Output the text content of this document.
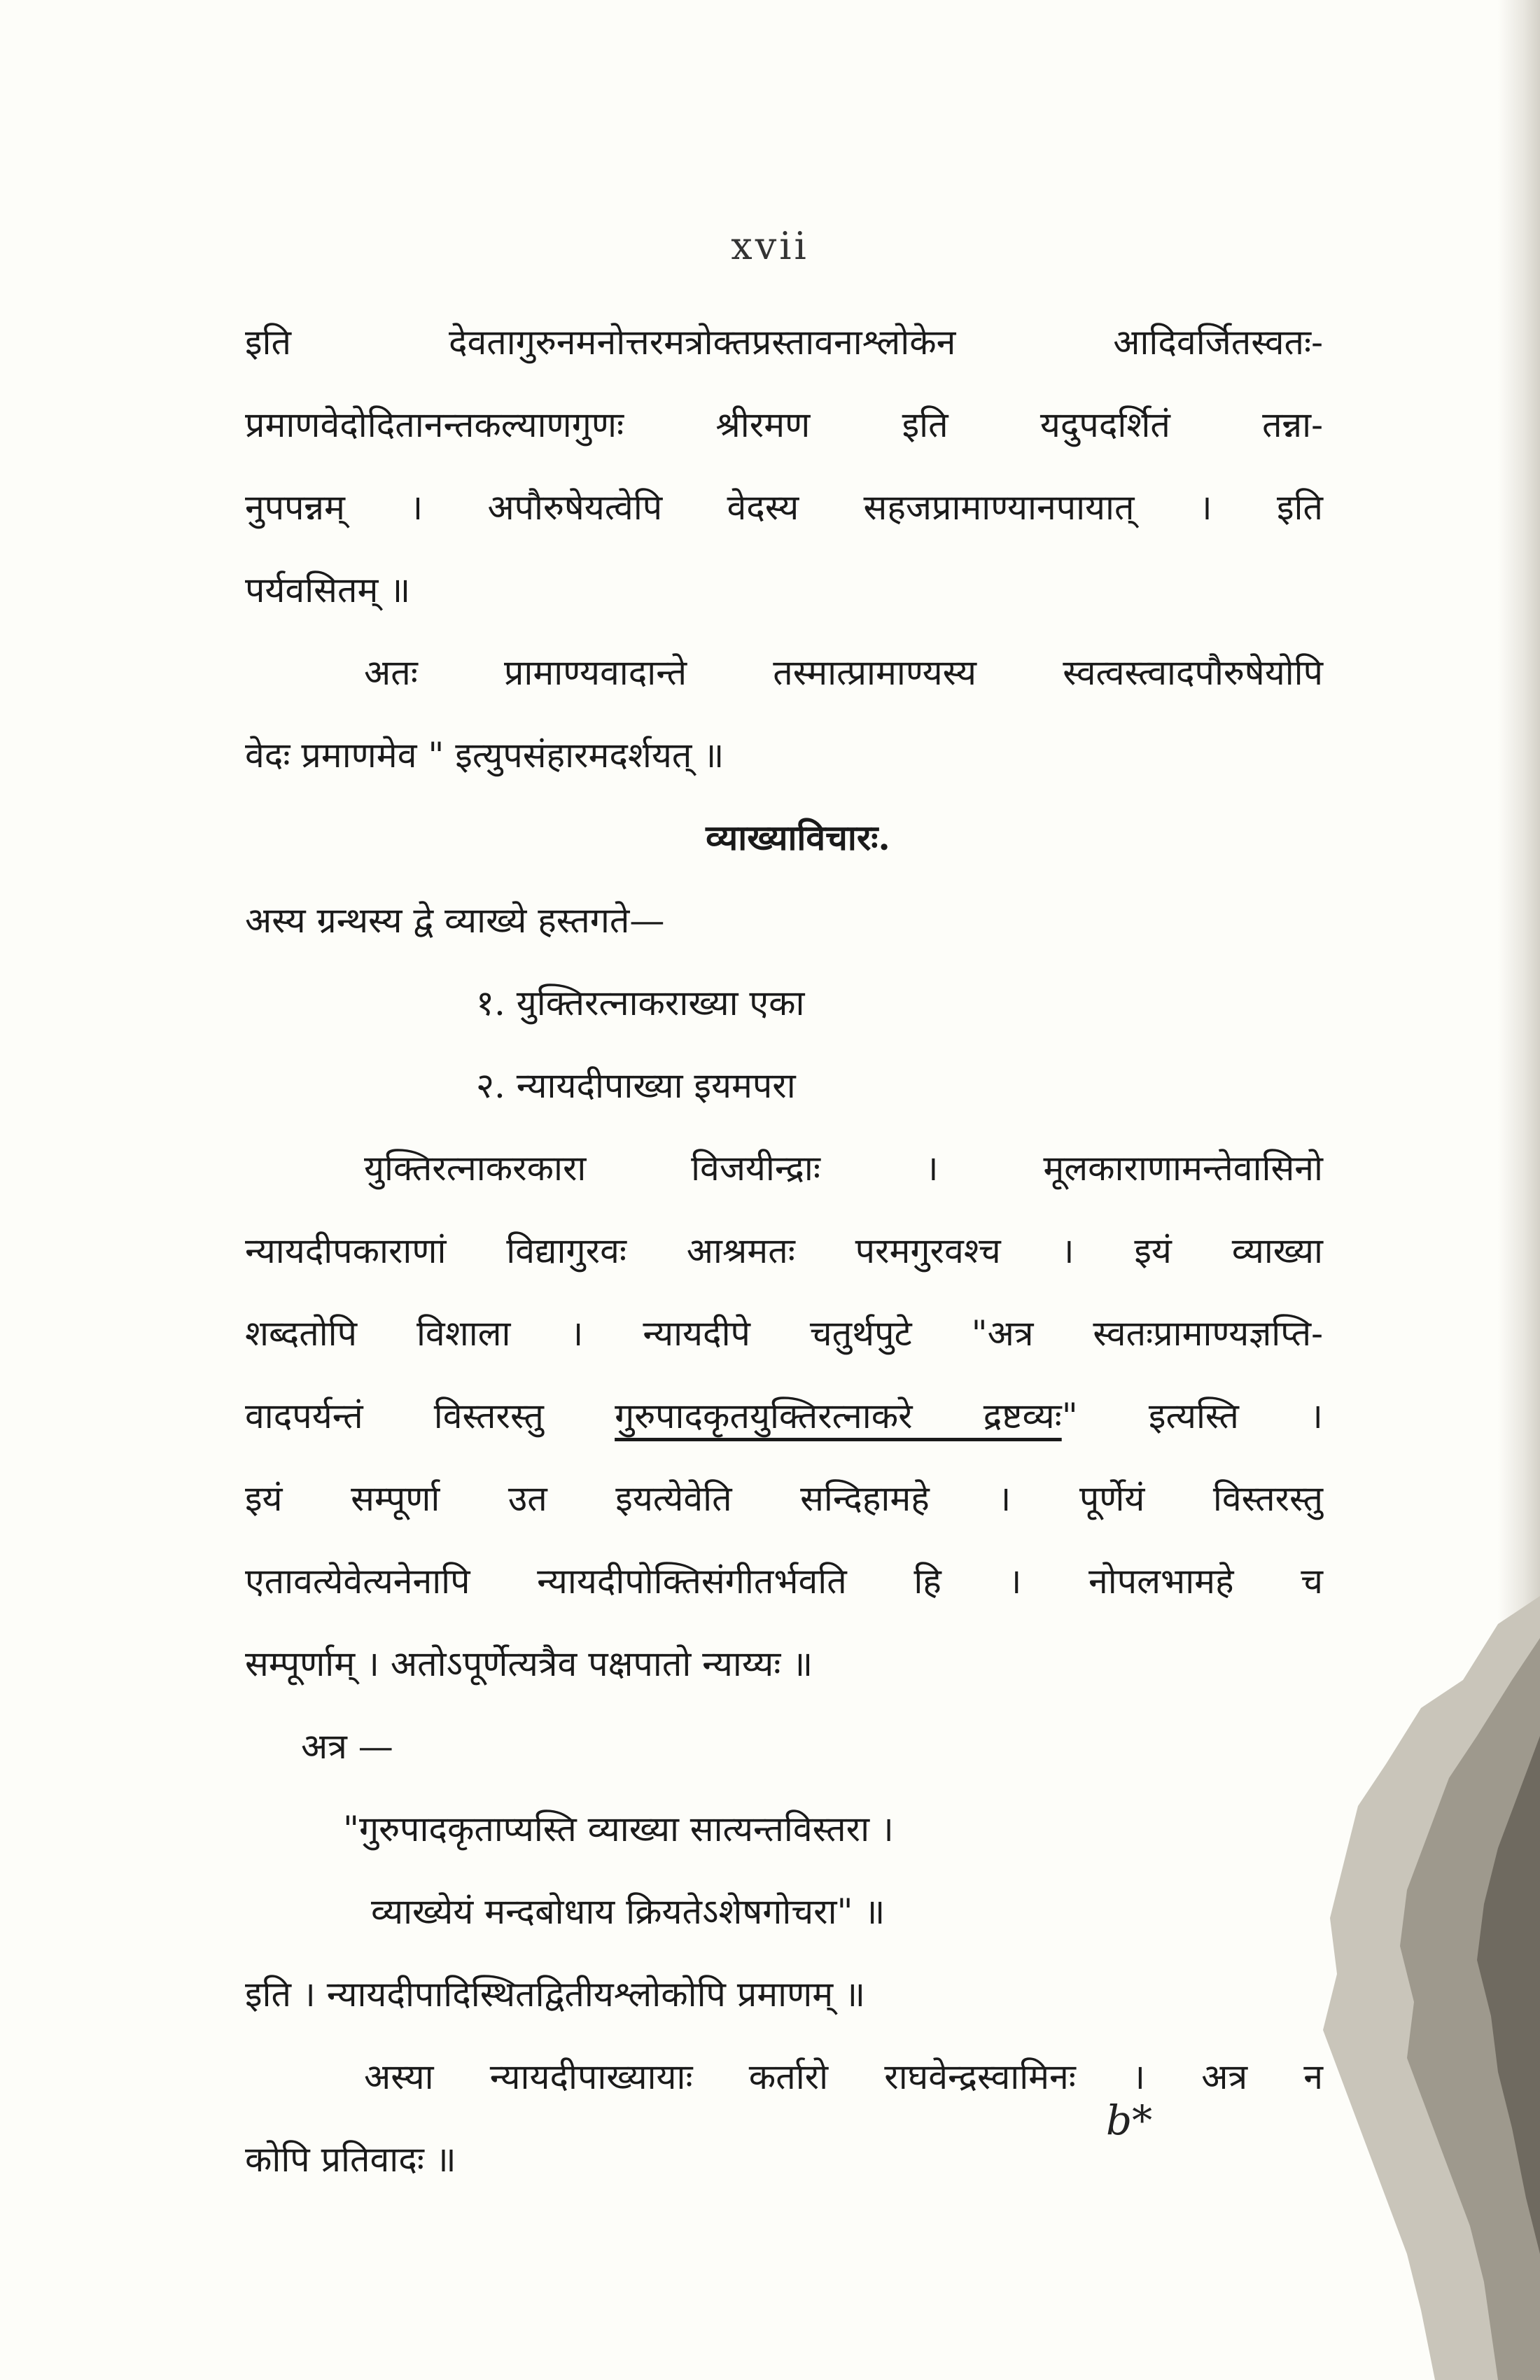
xvii

इति देवतागुरुनमनोत्तरमत्रोक्तप्रस्तावनाश्लोकेन आदिवर्जितस्वतः-

प्रमाणवेदोदितानन्तकल्याणगुणः श्रीरमण इति यदुपदर्शितं तन्ना-

नुपपन्नम् । अपौरुषेयत्वेपि वेदस्य सहजप्रामाण्यानपायात् । इति

पर्यवसितम् ॥

अतः प्रामाण्यवादान्ते तस्मात्प्रामाण्यस्य स्वत्वस्त्वादपौरुषेयोपि

वेदः प्रमाणमेव " इत्युपसंहारमदर्शयत् ॥

व्याख्याविचारः.

अस्य ग्रन्थस्य द्वे व्याख्ये हस्तगते—

१. युक्तिरत्नाकराख्या एका

२. न्यायदीपाख्या इयमपरा

युक्तिरत्नाकरकारा विजयीन्द्राः । मूलकाराणामन्तेवासिनो

न्यायदीपकाराणां विद्यागुरवः आश्रमतः परमगुरवश्च । इयं व्याख्या

शब्दतोपि विशाला । न्यायदीपे चतुर्थपुटे "अत्र स्वतःप्रामाण्यज्ञप्ति-

वादपर्यन्तं विस्तरस्तु गुरुपादकृतयुक्तिरत्नाकरे द्रष्टव्यः" इत्यस्ति ।

इयं सम्पूर्णा उत इयत्येवेति सन्दिहामहे । पूर्णेयं विस्तरस्तु

एतावत्येवेत्यनेनापि न्यायदीपोक्तिसंगीतर्भवति हि । नोपलभामहे च

सम्पूर्णाम् । अतोऽपूर्णेत्यत्रैव पक्षपातो न्याय्यः ॥

अत्र —

"गुरुपादकृताप्यस्ति व्याख्या सात्यन्तविस्तरा ।

व्याख्येयं मन्दबोधाय क्रियतेऽशेषगोचरा" ॥

इति । न्यायदीपादिस्थितद्वितीयश्लोकोपि प्रमाणम् ॥

अस्या न्यायदीपाख्यायाः कर्तारो राघवेन्द्रस्वामिनः । अत्र न

कोपि प्रतिवादः ॥

b*
